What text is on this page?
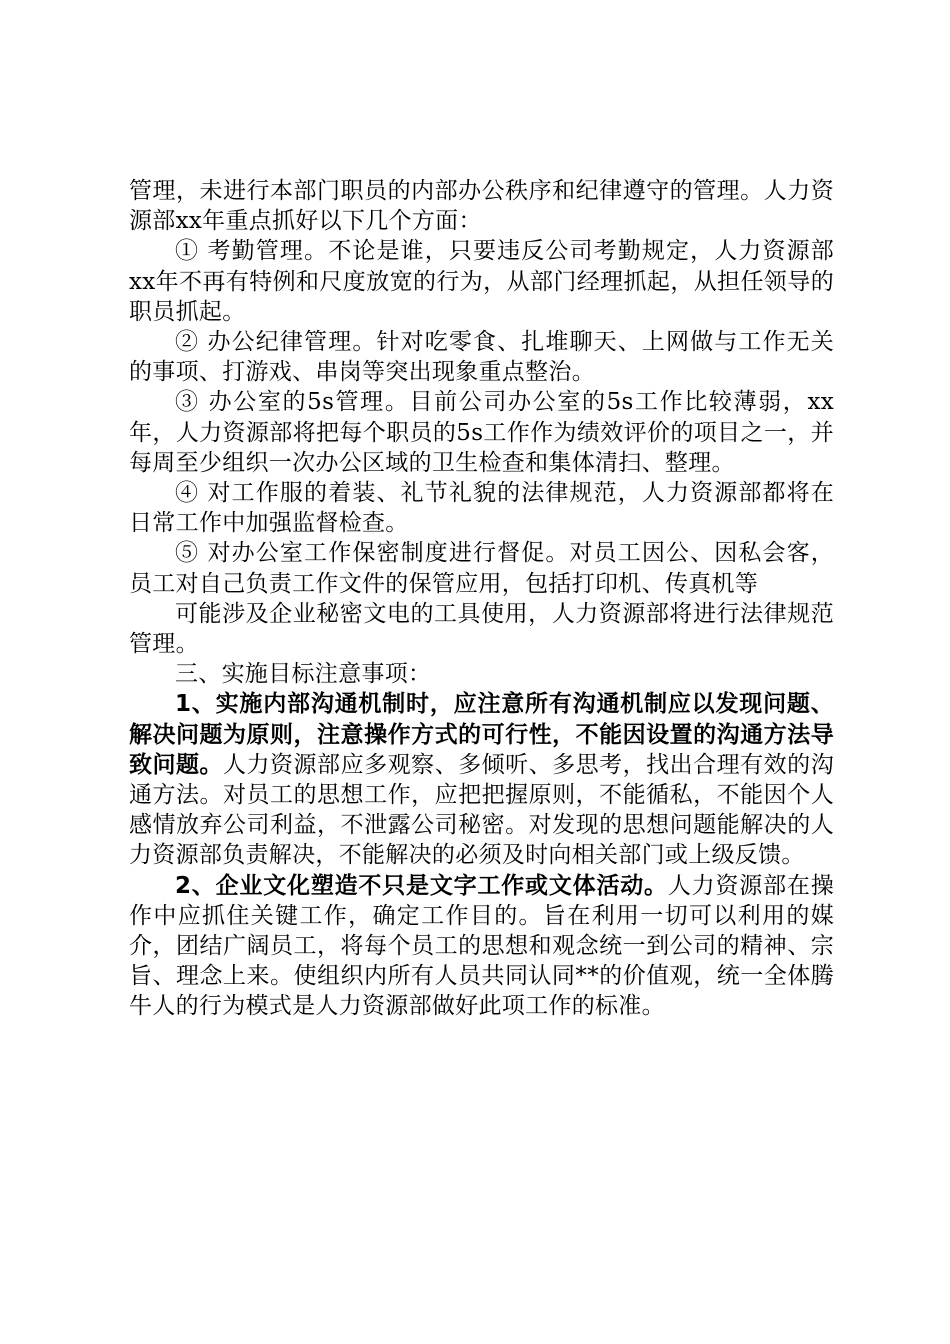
管理，未进行本部门职员的内部办公秩序和纪律遵守的管理。人力资源部xx年重点抓好以下几个方面：

① 考勤管理。不论是谁，只要违反公司考勤规定，人力资源部xx年不再有特例和尺度放宽的行为，从部门经理抓起，从担任领导的职员抓起。

② 办公纪律管理。针对吃零食、扎堆聊天、上网做与工作无关的事项、打游戏、串岗等突出现象重点整治。

③ 办公室的5s管理。目前公司办公室的5s工作比较薄弱，xx年，人力资源部将把每个职员的5s工作作为绩效评价的项目之一，并每周至少组织一次办公区域的卫生检查和集体清扫、整理。

④ 对工作服的着装、礼节礼貌的法律规范，人力资源部都将在日常工作中加强监督检查。

⑤ 对办公室工作保密制度进行督促。对员工因公、因私会客，员工对自己负责工作文件的保管应用，包括打印机、传真机等

可能涉及企业秘密文电的工具使用，人力资源部将进行法律规范管理。

三、实施目标注意事项：

1、实施内部沟通机制时，应注意所有沟通机制应以发现问题、解决问题为原则，注意操作方式的可行性，不能因设置的沟通方法导致问题。人力资源部应多观察、多倾听、多思考，找出合理有效的沟通方法。对员工的思想工作，应把把握原则，不能循私，不能因个人感情放弃公司利益，不泄露公司秘密。对发现的思想问题能解决的人力资源部负责解决，不能解决的必须及时向相关部门或上级反馈。

2、企业文化塑造不只是文字工作或文体活动。人力资源部在操作中应抓住关键工作，确定工作目的。旨在利用一切可以利用的媒介，团结广阔员工，将每个员工的思想和观念统一到公司的精神、宗旨、理念上来。使组织内所有人员共同认同**的价值观，统一全体腾牛人的行为模式是人力资源部做好此项工作的标准。
